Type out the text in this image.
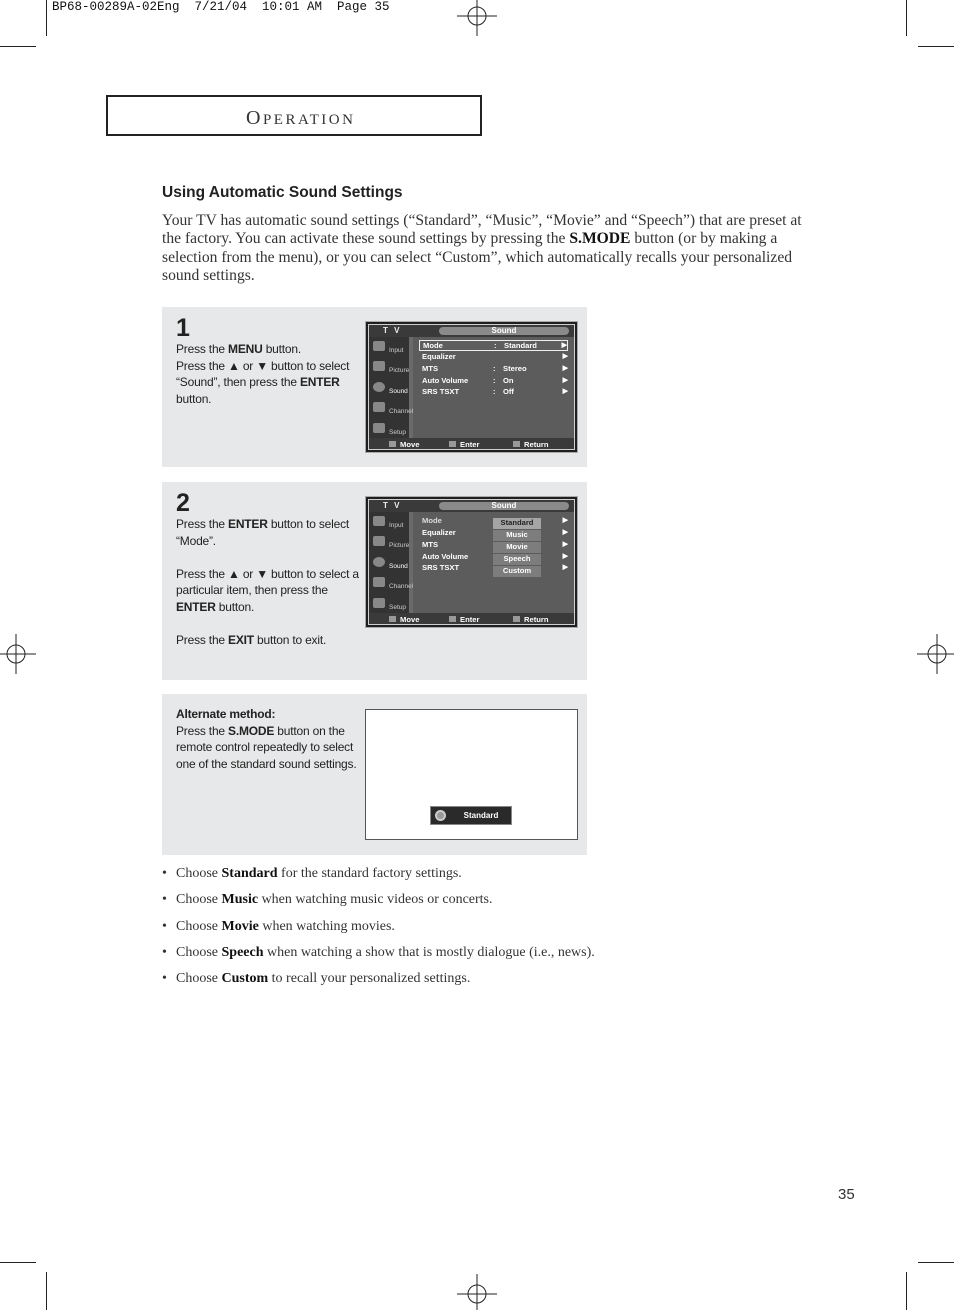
BP68-00289A-02Eng  7/21/04  10:01 AM  Page 35
OPERATION
Using Automatic Sound Settings
Your TV has automatic sound settings (“Standard”, “Music”, “Movie” and “Speech”) that are preset at the factory. You can activate these sound settings by pressing the S.MODE button (or by making a selection from the menu), or you can select “Custom”, which automatically recalls your personalized sound settings.
1
Press the MENU button.
Press the ▲ or ▼ button to select “Sound”, then press the ENTER button.
T V	Sound
Input
Picture
Sound
Channel
Setup
Mode	: Standard	▶
Equalizer	▶
MTS	: Stereo	▶
Auto Volume	: On	▶
SRS TSXT	: Off	▶
Move	Enter	Return
2

Press the ENTER button to select “Mode”.

Press the ▲ or ▼ button to select a particular item, then press the ENTER button.

Press the EXIT button to exit.

T V	Sound
Input
Picture
Sound
Channel
Setup
Mode	▶
Equalizer	▶
MTS	▶
Auto Volume	▶
SRS TSXT	▶
Standard
Music
Movie
Speech
Custom
Move	Enter	Return
Alternate method:
Press the S.MODE button on the remote control repeatedly to select one of the standard sound settings.
Standard
• Choose Standard for the standard factory settings.
• Choose Music when watching music videos or concerts.
• Choose Movie when watching movies.
• Choose Speech when watching a show that is mostly dialogue (i.e., news).
• Choose Custom to recall your personalized settings.
35
